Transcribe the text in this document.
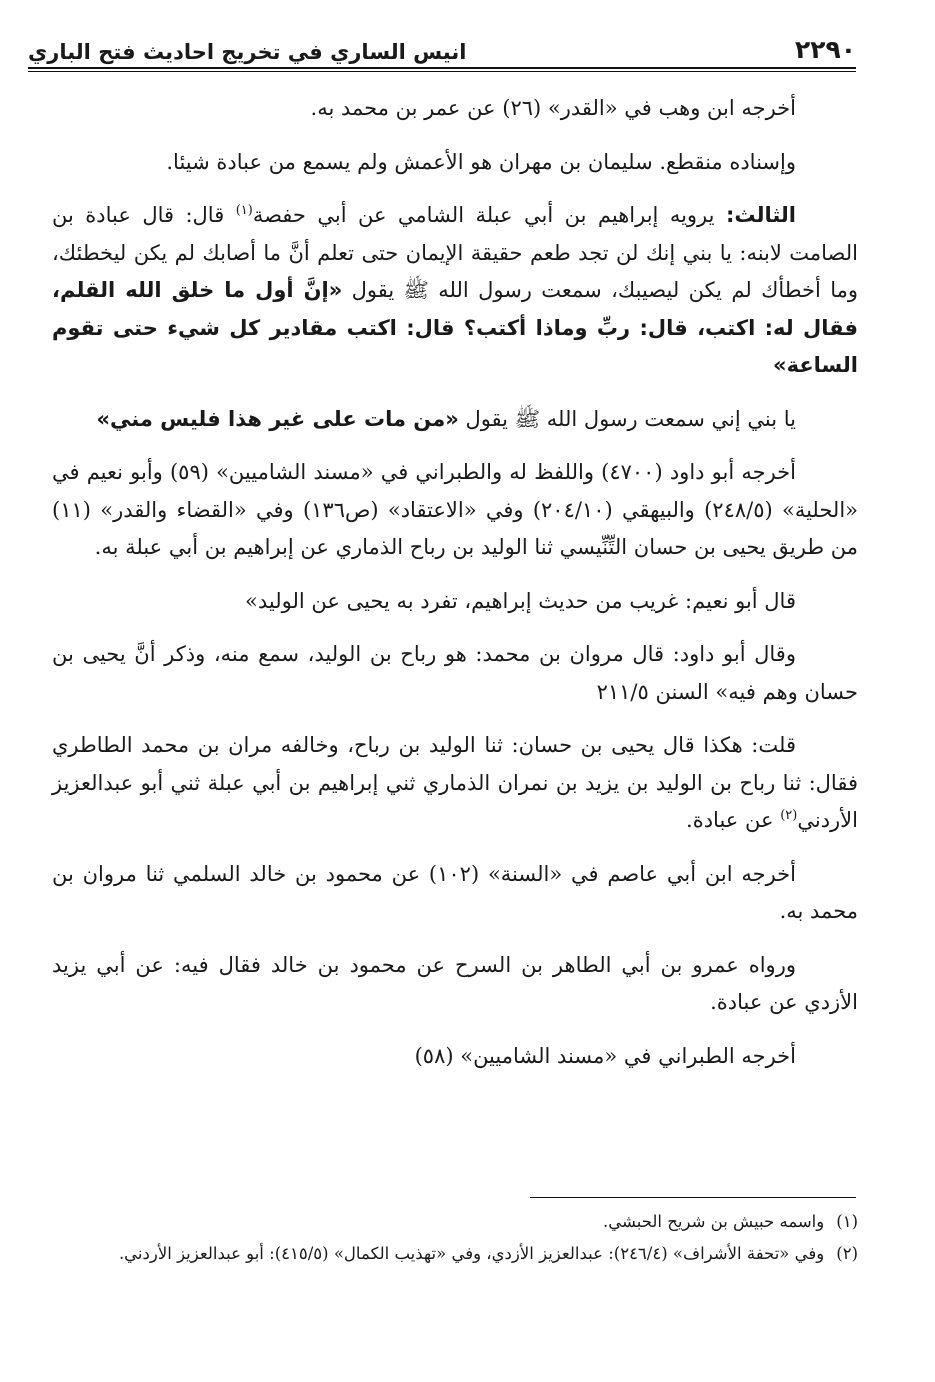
٢٢٩٠
انيس الساري في تخريج احاديث فتح الباري

أخرجه ابن وهب في «القدر» (٢٦) عن عمر بن محمد به.

وإسناده منقطع. سليمان بن مهران هو الأعمش ولم يسمع من عبادة شيئا.

الثالث: يرويه إبراهيم بن أبي عبلة الشامي عن أبي حفصة$^{(١)}$ قال: قال عبادة بن الصامت لابنه: يا بني إنك لن تجد طعم حقيقة الإيمان حتى تعلم أنَّ ما أصابك لم يكن ليخطئك، وما أخطأك لم يكن ليصيبك، سمعت رسول الله ﷺ يقول «إنَّ أول ما خلق الله القلم، فقال له: اكتب، قال: ربِّ وماذا أكتب؟ قال: اكتب مقادير كل شيء حتى تقوم الساعة»

يا بني إني سمعت رسول الله ﷺ يقول «من مات على غير هذا فليس مني»

أخرجه أبو داود (٤٧٠٠) واللفظ له والطبراني في «مسند الشاميين» (٥٩) وأبو نعيم في «الحلية» (٢٤٨/٥) والبيهقي (٢٠٤/١٠) وفي «الاعتقاد» (ص١٣٦) وفي «القضاء والقدر» (١١) من طريق يحيى بن حسان التِّنِّيسي ثنا الوليد بن رباح الذماري عن إبراهيم بن أبي عبلة به.

قال أبو نعيم: غريب من حديث إبراهيم، تفرد به يحيى عن الوليد»

وقال أبو داود: قال مروان بن محمد: هو رباح بن الوليد، سمع منه، وذكر أنَّ يحيى بن حسان وهم فيه» السنن ٢١١/٥

قلت: هكذا قال يحيى بن حسان: ثنا الوليد بن رباح، وخالفه مران بن محمد الطاطري فقال: ثنا رباح بن الوليد بن يزيد بن نمران الذماري ثني إبراهيم بن أبي عبلة ثني أبو عبدالعزيز الأردني$^{(٢)}$ عن عبادة.

أخرجه ابن أبي عاصم في «السنة» (١٠٢) عن محمود بن خالد السلمي ثنا مروان بن محمد به.

ورواه عمرو بن أبي الطاهر بن السرح عن محمود بن خالد فقال فيه: عن أبي يزيد الأزدي عن عبادة.

أخرجه الطبراني في «مسند الشاميين» (٥٨)

(١)
واسمه حبيش بن شريح الحبشي.
(٢)
وفي «تحفة الأشراف» (٢٤٦/٤): عبدالعزيز الأزدي، وفي «تهذيب الكمال» (٤١٥/٥): أبو عبدالعزيز الأردني.
